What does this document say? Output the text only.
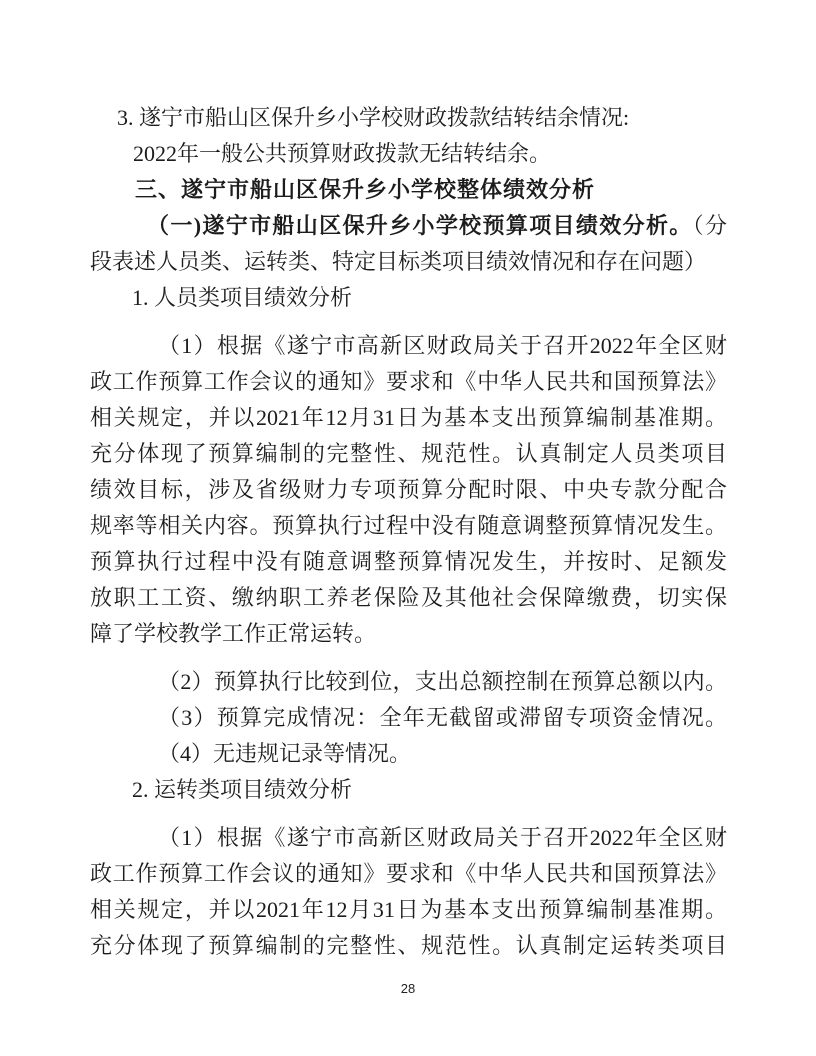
3. 遂宁市船山区保升乡小学校财政拨款结转结余情况:
2022年一般公共预算财政拨款无结转结余。
三、遂宁市船山区保升乡小学校整体绩效分析
（一)遂宁市船山区保升乡小学校预算项目绩效分析。（分
段表述人员类、运转类、特定目标类项目绩效情况和存在问题）
1. 人员类项目绩效分析
（1）根据《遂宁市高新区财政局关于召开2022年全区财
政工作预算工作会议的通知》要求和《中华人民共和国预算法》
相关规定，并以2021年12月31日为基本支出预算编制基准期。
充分体现了预算编制的完整性、规范性。认真制定人员类项目
绩效目标，涉及省级财力专项预算分配时限、中央专款分配合
规率等相关内容。预算执行过程中没有随意调整预算情况发生。
预算执行过程中没有随意调整预算情况发生，并按时、足额发
放职工工资、缴纳职工养老保险及其他社会保障缴费，切实保
障了学校教学工作正常运转。
（2）预算执行比较到位，支出总额控制在预算总额以内。
（3）预算完成情况：全年无截留或滞留专项资金情况。
（4）无违规记录等情况。
2. 运转类项目绩效分析
（1）根据《遂宁市高新区财政局关于召开2022年全区财
政工作预算工作会议的通知》要求和《中华人民共和国预算法》
相关规定，并以2021年12月31日为基本支出预算编制基准期。
充分体现了预算编制的完整性、规范性。认真制定运转类项目
28
